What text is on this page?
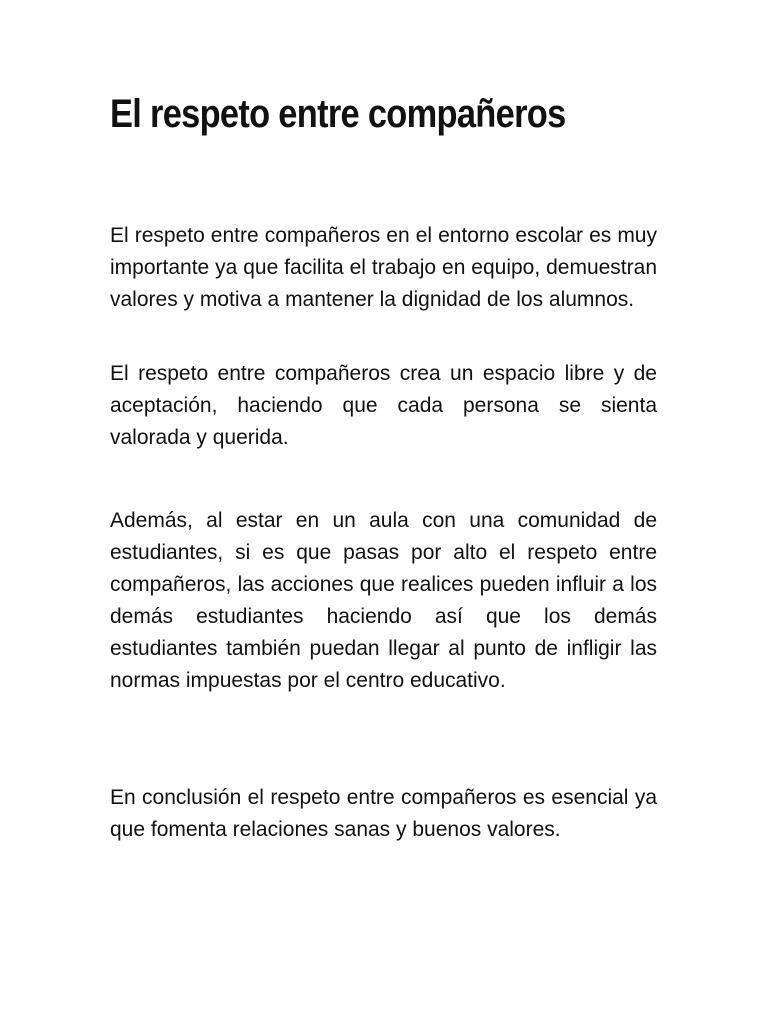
El respeto entre compañeros

El respeto entre compañeros en el entorno escolar es muy importante ya que facilita el trabajo en equipo, demuestran valores y motiva a mantener la dignidad de los alumnos.

El respeto entre compañeros crea un espacio libre y de aceptación, haciendo que cada persona se sienta valorada y querida.

Además, al estar en un aula con una comunidad de estudiantes, si es que pasas por alto el respeto entre compañeros, las acciones que realices pueden influir a los demás estudiantes haciendo así que los demás estudiantes también puedan llegar al punto de infligir las normas impuestas por el centro educativo.

En conclusión el respeto entre compañeros es esencial ya que fomenta relaciones sanas y buenos valores.
